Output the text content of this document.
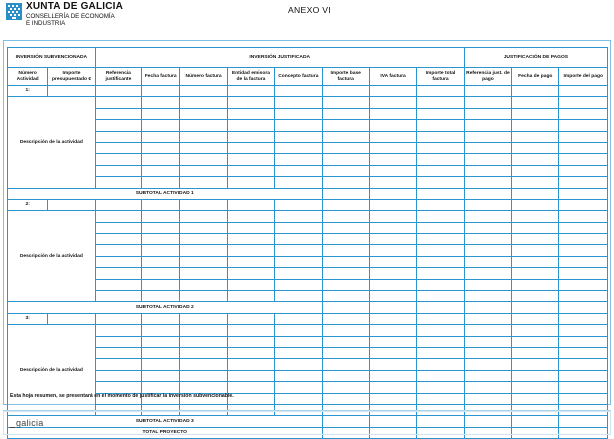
XUNTA DE GALICIA
CONSELLERÍA DE ECONOMÍA
E INDUSTRIA
ANEXO VI
INVERSIÓN SUBVENCIONADA		INVERSIÓN JUSTIFICADA								JUSTIFICACIÓN DE PAGOS		
Número Actividad	Importe presupuestado €	Referencia justificante	Fecha factura	Número factura	Entidad emisora de la factura	Concepto factura	Importe base factura	IVA factura	Importe total factura	Referencia just. de pago	Fecha de pago	Importe del pago
1:												
Descripción de la actividad												

SUBTOTAL ACTIVIDAD 1												
2:												
Descripción de la actividad												

SUBTOTAL ACTIVIDAD 2												
3:												
Descripción de la actividad												

SUBTOTAL ACTIVIDAD 3												
TOTAL PROYECTO												
Esta hoja resumen, se presentará en el momento de justificar la inversión subvencionable.
galicia
